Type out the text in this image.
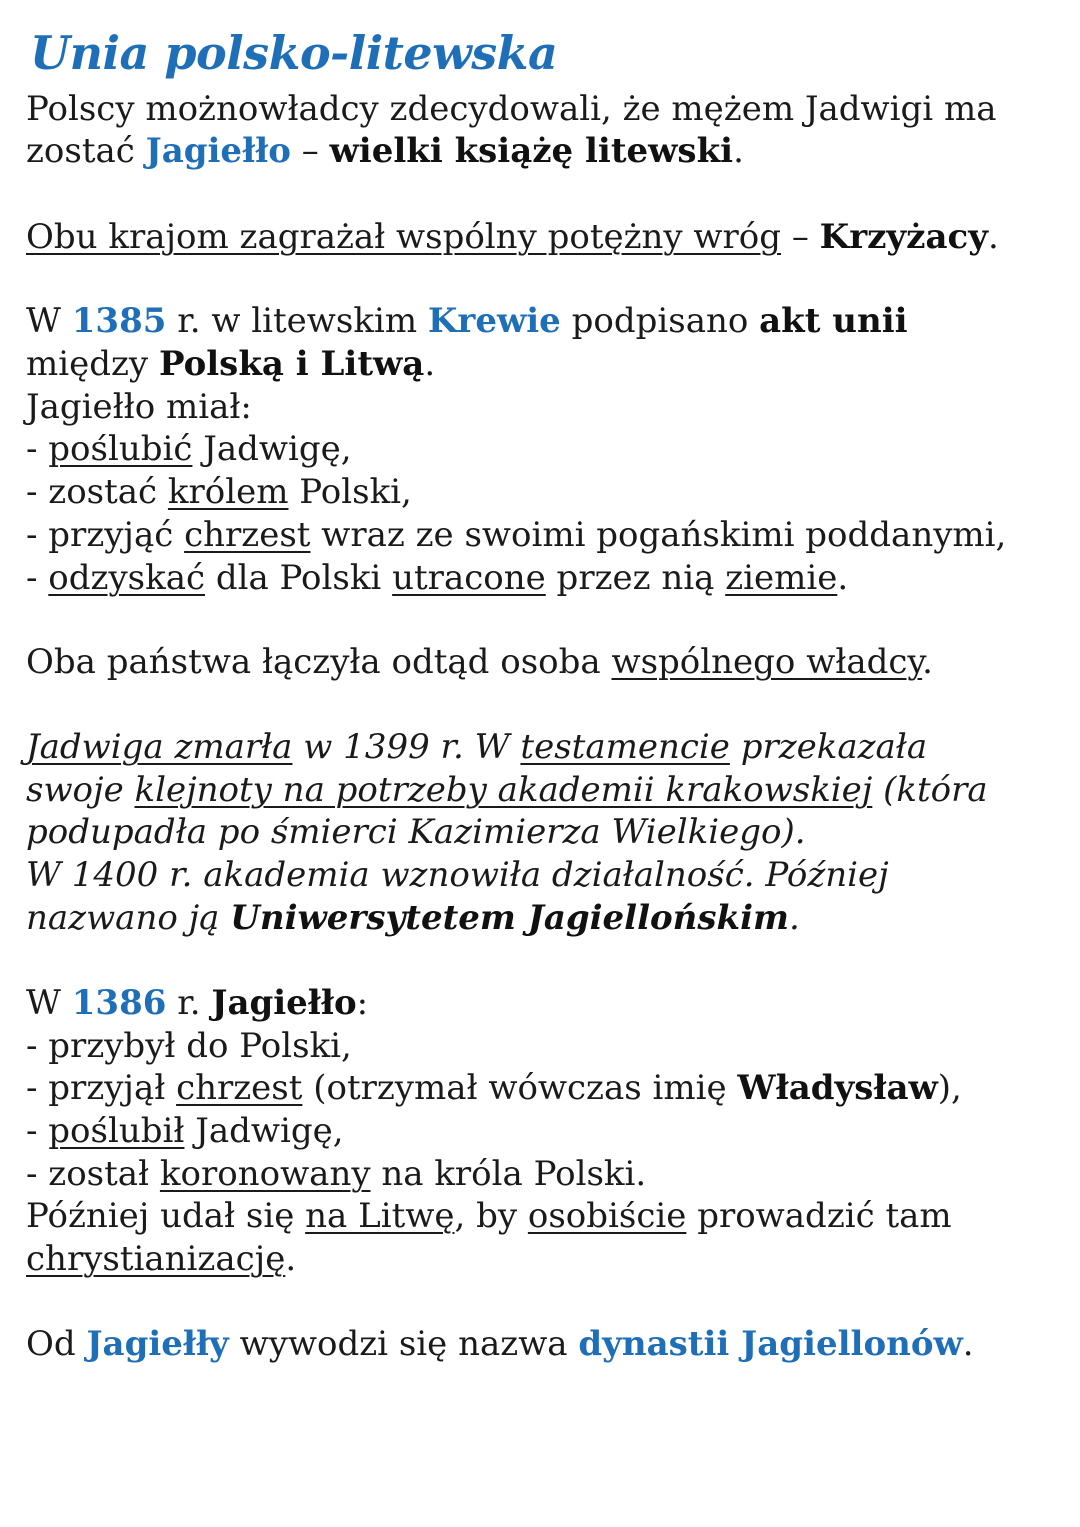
Unia polsko-litewska
Polscy możnowładcy zdecydowali, że mężem Jadwigi ma
zostać Jagiełło – wielki książę litewski.
Obu krajom zagrażał wspólny potężny wróg – Krzyżacy.
W 1385 r. w litewskim Krewie podpisano akt unii
między Polską i Litwą.
Jagiełło miał:
- poślubić Jadwigę,
- zostać królem Polski,
- przyjąć chrzest wraz ze swoimi pogańskimi poddanymi,
- odzyskać dla Polski utracone przez nią ziemie.
Oba państwa łączyła odtąd osoba wspólnego władcy.
Jadwiga zmarła w 1399 r. W testamencie przekazała
swoje klejnoty na potrzeby akademii krakowskiej (która
podupadła po śmierci Kazimierza Wielkiego).
W 1400 r. akademia wznowiła działalność. Później
nazwano ją Uniwersytetem Jagiellońskim.
W 1386 r. Jagiełło:
- przybył do Polski,
- przyjął chrzest (otrzymał wówczas imię Władysław),
- poślubił Jadwigę,
- został koronowany na króla Polski.
Później udał się na Litwę, by osobiście prowadzić tam
chrystianizację.
Od Jagiełły wywodzi się nazwa dynastii Jagiellonów.
